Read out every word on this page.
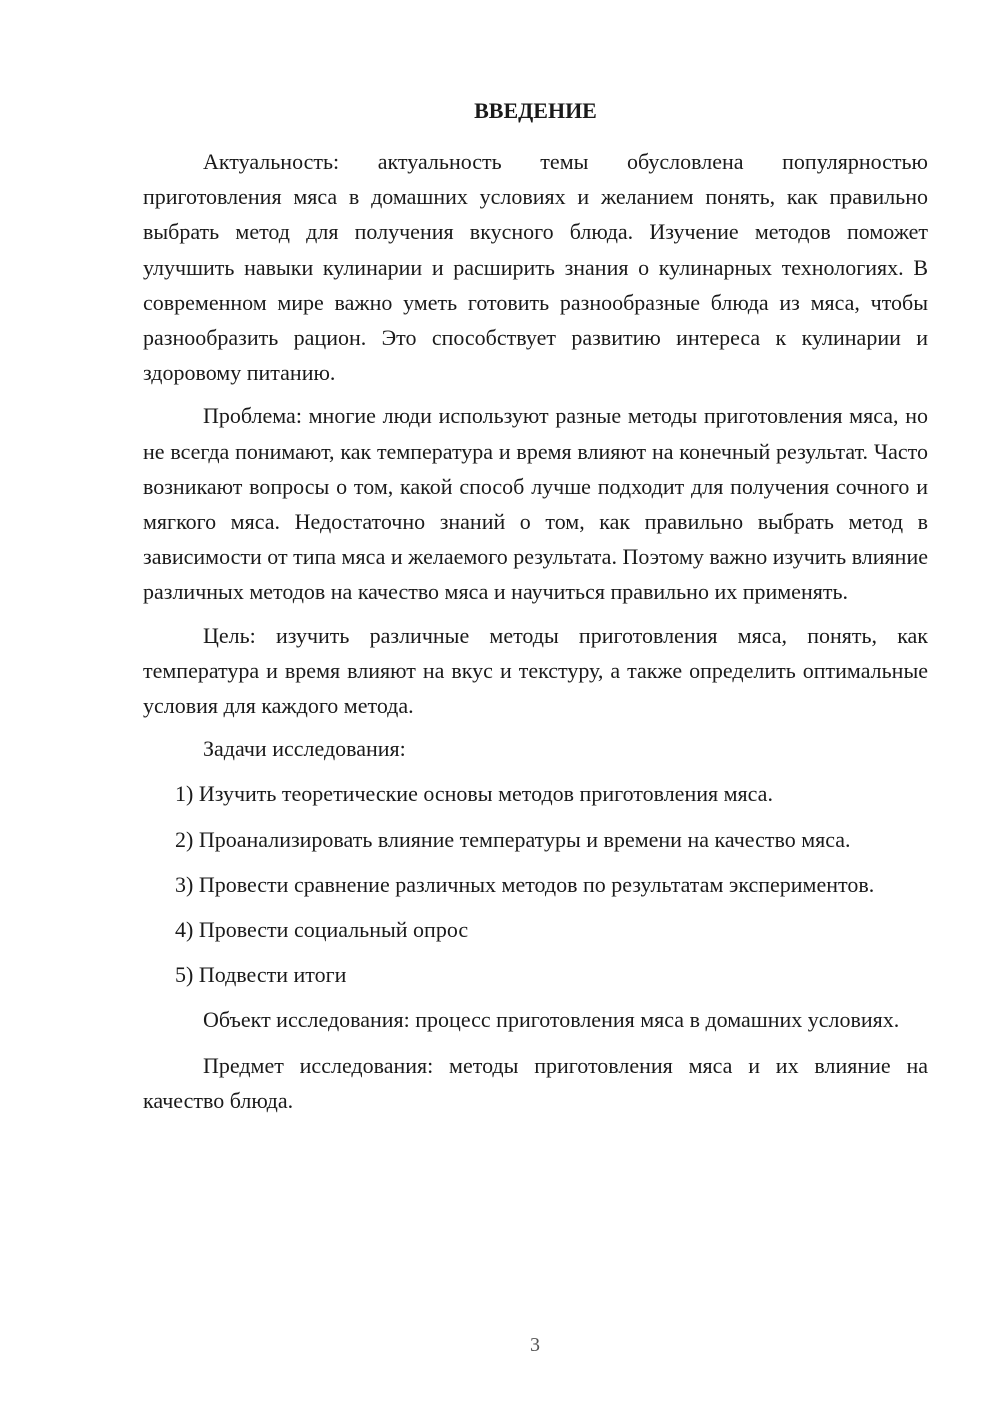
ВВЕДЕНИЕ

Актуальность: актуальность темы обусловлена популярностью приготовления мяса в домашних условиях и желанием понять, как правильно выбрать метод для получения вкусного блюда. Изучение методов поможет улучшить навыки кулинарии и расширить знания о кулинарных технологиях. В современном мире важно уметь готовить разнообразные блюда из мяса, чтобы разнообразить рацион. Это способствует развитию интереса к кулинарии и здоровому питанию.

Проблема: многие люди используют разные методы приготовления мяса, но не всегда понимают, как температура и время влияют на конечный результат. Часто возникают вопросы о том, какой способ лучше подходит для получения сочного и мягкого мяса. Недостаточно знаний о том, как правильно выбрать метод в зависимости от типа мяса и желаемого результата. Поэтому важно изучить влияние различных методов на качество мяса и научиться правильно их применять.

Цель: изучить различные методы приготовления мяса, понять, как температура и время влияют на вкус и текстуру, а также определить оптимальные условия для каждого метода.

Задачи исследования:

1) Изучить теоретические основы методов приготовления мяса.

2) Проанализировать влияние температуры и времени на качество мяса.

3) Провести сравнение различных методов по результатам экспериментов.

4) Провести социальный опрос

5) Подвести итоги

Объект исследования: процесс приготовления мяса в домашних условиях.

Предмет исследования: методы приготовления мяса и их влияние на качество блюда.

3
